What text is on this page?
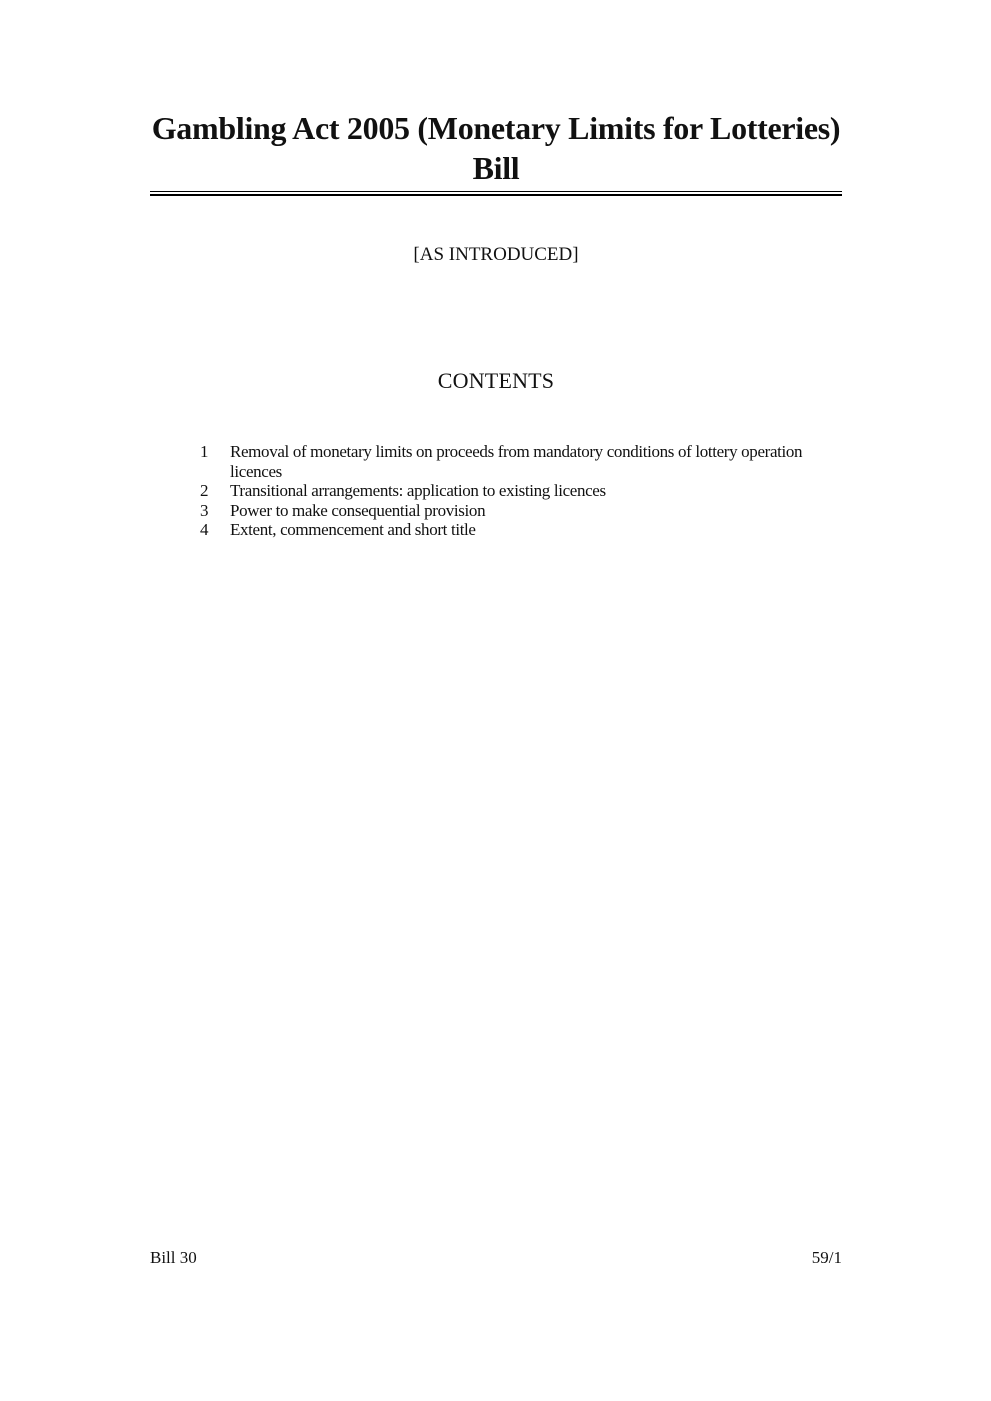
Gambling Act 2005 (Monetary Limits for Lotteries)
Bill
[AS INTRODUCED]
CONTENTS
1	Removal of monetary limits on proceeds from mandatory conditions of lottery operation licences
2	Transitional arrangements: application to existing licences
3	Power to make consequential provision
4	Extent, commencement and short title
Bill 30	59/1
